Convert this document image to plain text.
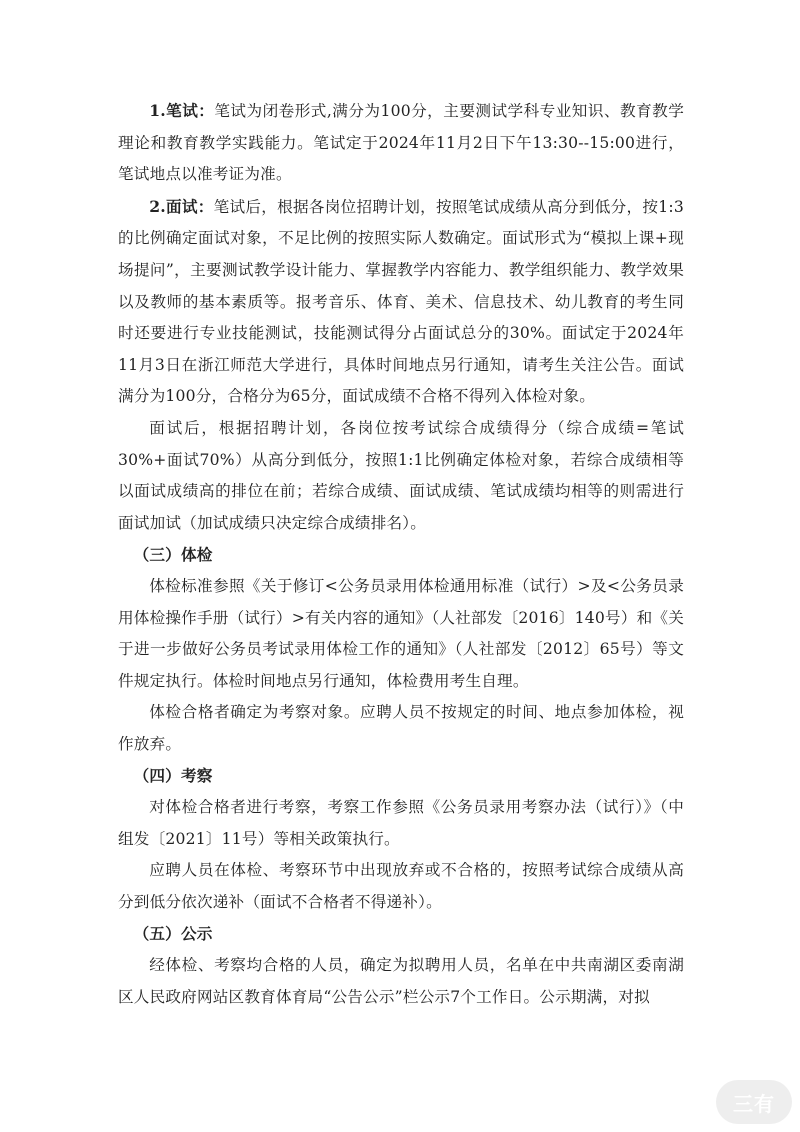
1.笔试：笔试为闭卷形式,满分为100分，主要测试学科专业知识、教育教学理论和教育教学实践能力。笔试定于2024年11月2日下午13:30--15:00进行，笔试地点以准考证为准。

2.面试：笔试后，根据各岗位招聘计划，按照笔试成绩从高分到低分，按1:3的比例确定面试对象，不足比例的按照实际人数确定。面试形式为“模拟上课+现场提问”，主要测试教学设计能力、掌握教学内容能力、教学组织能力、教学效果以及教师的基本素质等。报考音乐、体育、美术、信息技术、幼儿教育的考生同时还要进行专业技能测试，技能测试得分占面试总分的30%。面试定于2024年11月3日在浙江师范大学进行，具体时间地点另行通知，请考生关注公告。面试满分为100分，合格分为65分，面试成绩不合格不得列入体检对象。

面试后，根据招聘计划，各岗位按考试综合成绩得分（综合成绩=笔试30%+面试70%）从高分到低分，按照1:1比例确定体检对象，若综合成绩相等以面试成绩高的排位在前；若综合成绩、面试成绩、笔试成绩均相等的则需进行面试加试（加试成绩只决定综合成绩排名）。

（三）体检

体检标准参照《关于修订<公务员录用体检通用标准（试行）>及<公务员录用体检操作手册（试行）>有关内容的通知》（人社部发〔2016〕140号）和《关于进一步做好公务员考试录用体检工作的通知》（人社部发〔2012〕65号）等文件规定执行。体检时间地点另行通知，体检费用考生自理。

体检合格者确定为考察对象。应聘人员不按规定的时间、地点参加体检，视作放弃。

（四）考察

对体检合格者进行考察，考察工作参照《公务员录用考察办法（试行）》（中组发〔2021〕11号）等相关政策执行。

应聘人员在体检、考察环节中出现放弃或不合格的，按照考试综合成绩从高分到低分依次递补（面试不合格者不得递补）。

（五）公示

经体检、考察均合格的人员，确定为拟聘用人员，名单在中共南湖区委南湖区人民政府网站区教育体育局“公告公示”栏公示7个工作日。公示期满，对拟

三有
